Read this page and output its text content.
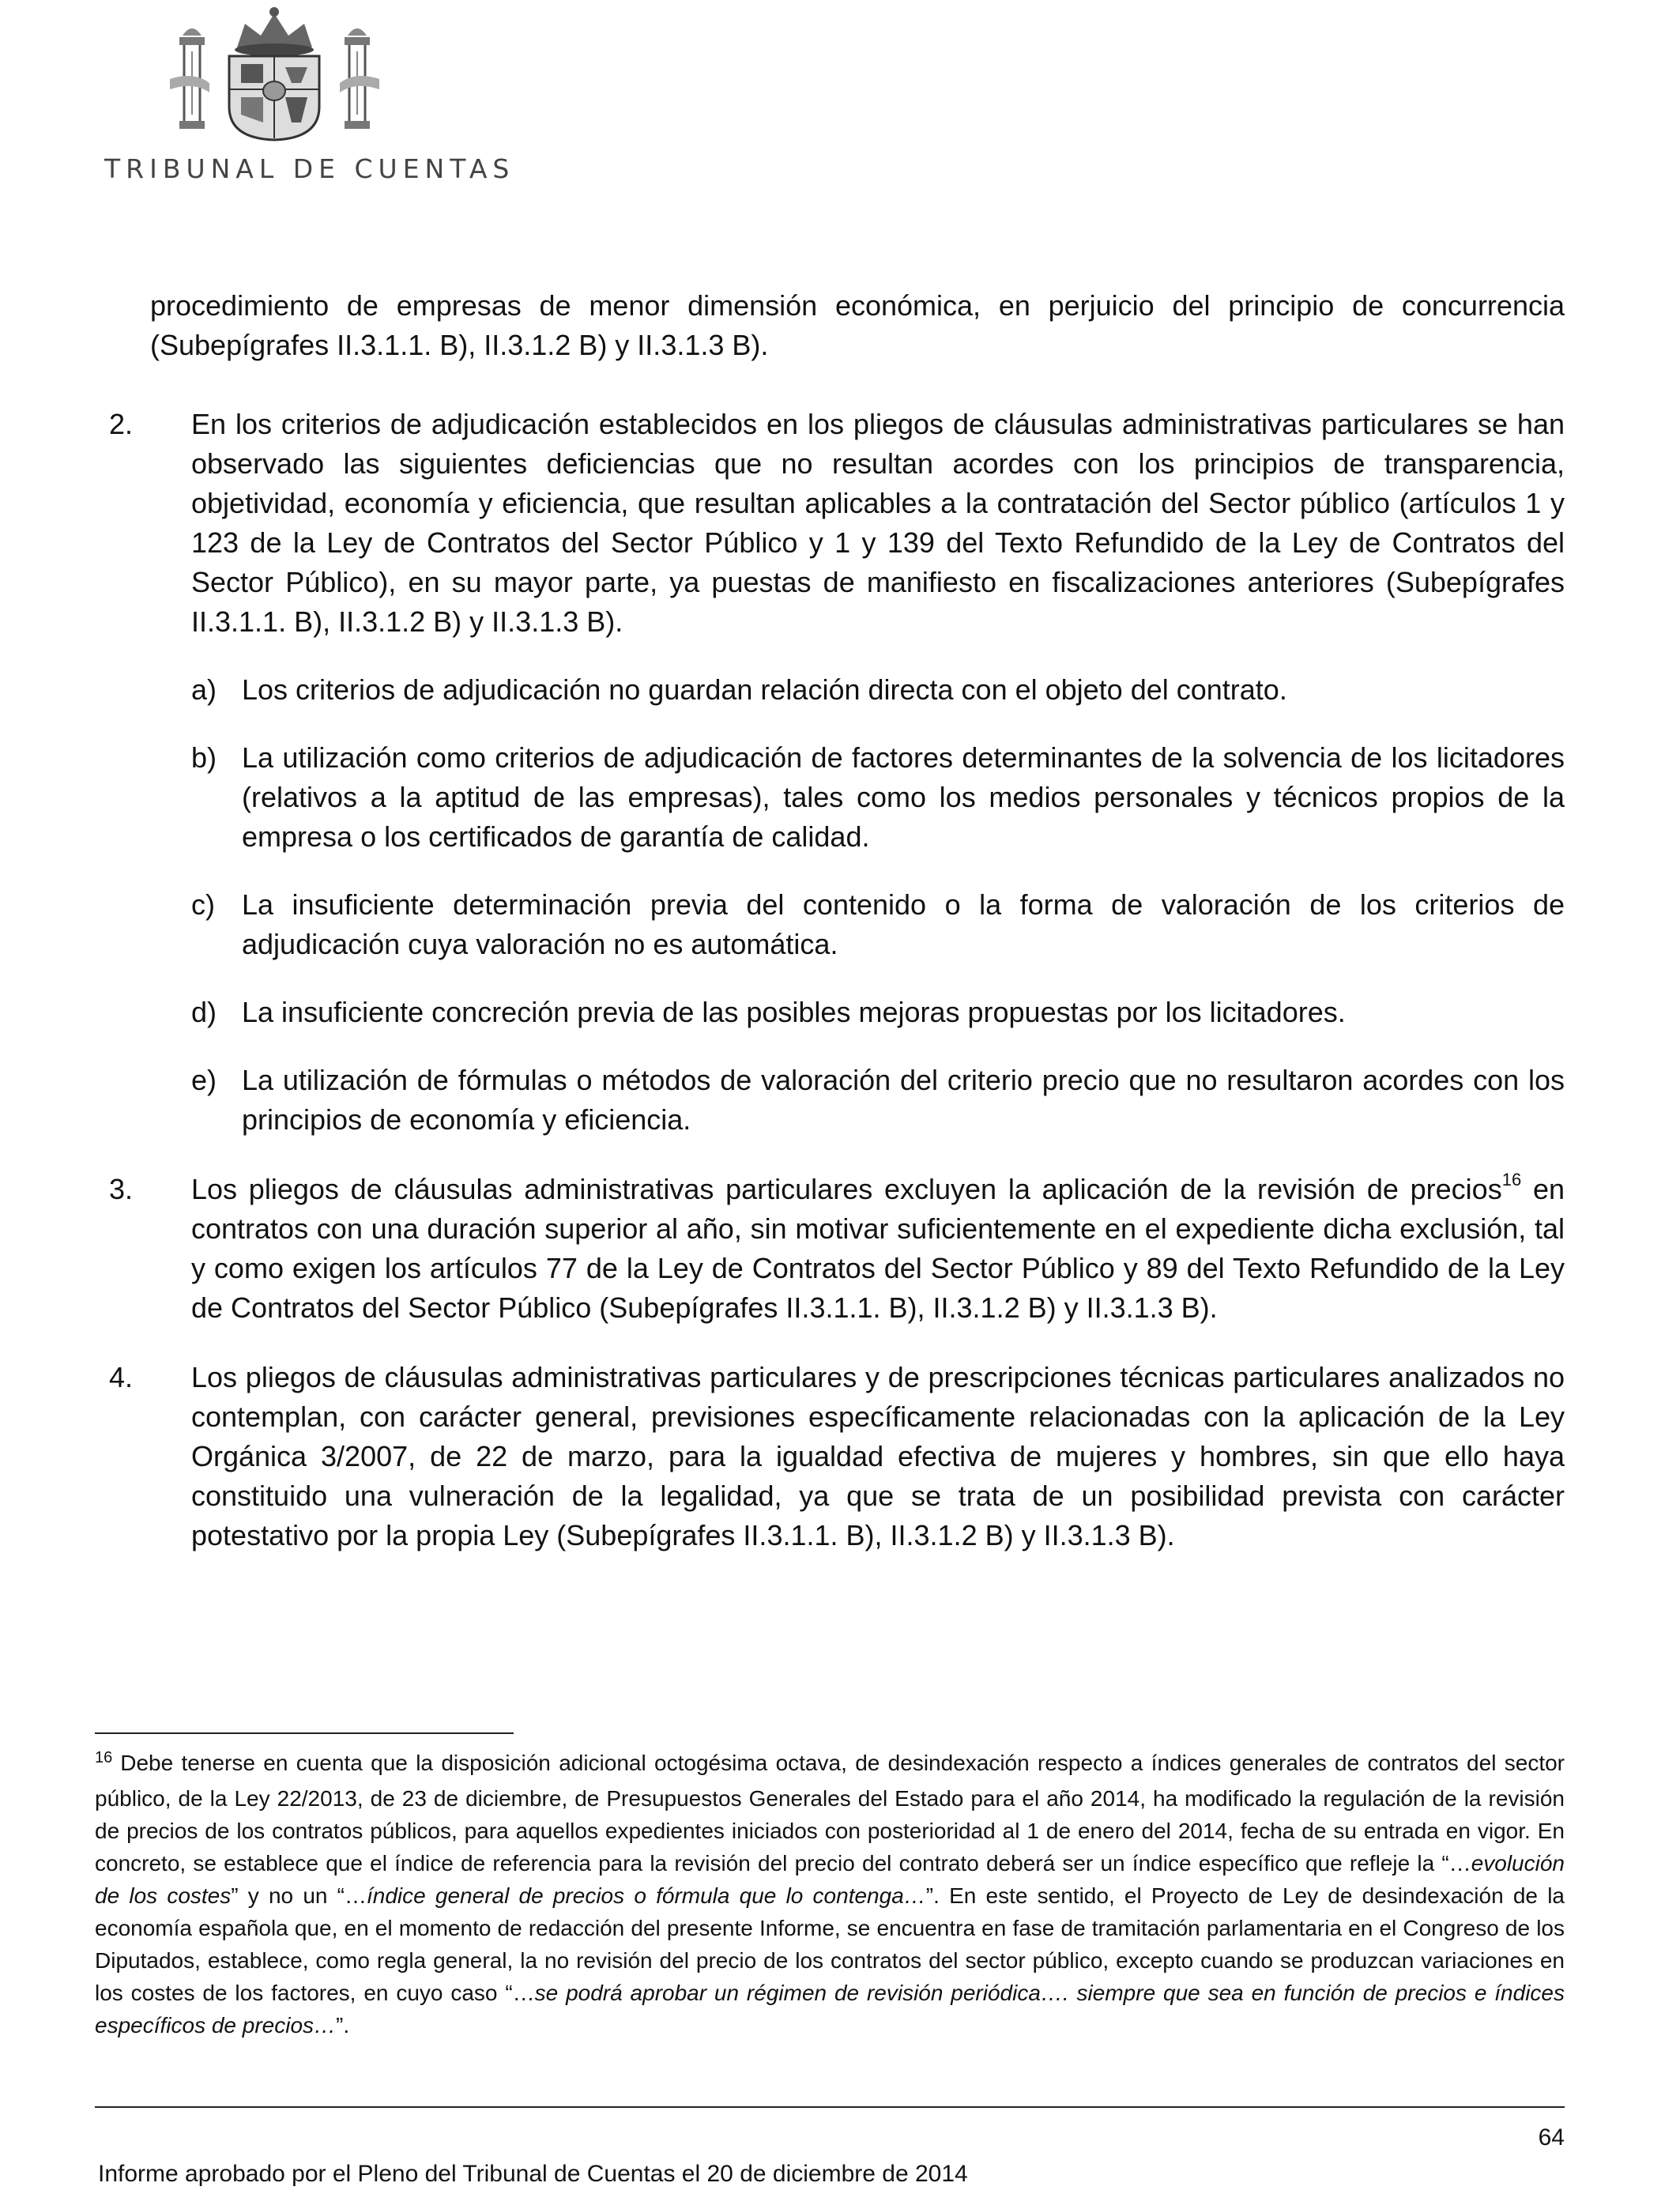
TRIBUNAL DE CUENTAS

procedimiento de empresas de menor dimensión económica, en perjuicio del principio de concurrencia (Subepígrafes II.3.1.1. B), II.3.1.2 B) y II.3.1.3 B).

2.	En los criterios de adjudicación establecidos en los pliegos de cláusulas administrativas particulares se han observado las siguientes deficiencias que no resultan acordes con los principios de transparencia, objetividad, economía y eficiencia, que resultan aplicables a la contratación del Sector público (artículos 1 y 123 de la Ley de Contratos del Sector Público y 1 y 139 del Texto Refundido de la Ley de Contratos del Sector Público), en su mayor parte, ya puestas de manifiesto en fiscalizaciones anteriores (Subepígrafes II.3.1.1. B), II.3.1.2 B) y II.3.1.3 B).
a) Los criterios de adjudicación no guardan relación directa con el objeto del contrato.
b) La utilización como criterios de adjudicación de factores determinantes de la solvencia de los licitadores (relativos a la aptitud de las empresas), tales como los medios personales y técnicos propios de la empresa o los certificados de garantía de calidad.
c) La insuficiente determinación previa del contenido o la forma de valoración de los criterios de adjudicación cuya valoración no es automática.
d) La insuficiente concreción previa de las posibles mejoras propuestas por los licitadores.
e) La utilización de fórmulas o métodos de valoración del criterio precio que no resultaron acordes con los principios de economía y eficiencia.
3.	Los pliegos de cláusulas administrativas particulares excluyen la aplicación de la revisión de precios$^{16}$ en contratos con una duración superior al año, sin motivar suficientemente en el expediente dicha exclusión, tal y como exigen los artículos 77 de la Ley de Contratos del Sector Público y 89 del Texto Refundido de la Ley de Contratos del Sector Público (Subepígrafes II.3.1.1. B), II.3.1.2 B) y II.3.1.3 B).
4.	Los pliegos de cláusulas administrativas particulares y de prescripciones técnicas particulares analizados no contemplan, con carácter general, previsiones específicamente relacionadas con la aplicación de la Ley Orgánica 3/2007, de 22 de marzo, para la igualdad efectiva de mujeres y hombres, sin que ello haya constituido una vulneración de la legalidad, ya que se trata de un posibilidad prevista con carácter potestativo por la propia Ley (Subepígrafes II.3.1.1. B), II.3.1.2 B) y II.3.1.3 B).
$^{16}$ Debe tenerse en cuenta que la disposición adicional octogésima octava, de desindexación respecto a índices generales de contratos del sector público, de la Ley 22/2013, de 23 de diciembre, de Presupuestos Generales del Estado para el año 2014, ha modificado la regulación de la revisión de precios de los contratos públicos, para aquellos expedientes iniciados con posterioridad al 1 de enero del 2014, fecha de su entrada en vigor. En concreto, se establece que el índice de referencia para la revisión del precio del contrato deberá ser un índice específico que refleje la “…evolución de los costes” y no un “…índice general de precios o fórmula que lo contenga…”. En este sentido, el Proyecto de Ley de desindexación de la economía española que, en el momento de redacción del presente Informe, se encuentra en fase de tramitación parlamentaria en el Congreso de los Diputados, establece, como regla general, la no revisión del precio de los contratos del sector público, excepto cuando se produzcan variaciones en los costes de los factores, en cuyo caso “…se podrá aprobar un régimen de revisión periódica…. siempre que sea en función de precios e índices específicos de precios…”.
64
Informe aprobado por el Pleno del Tribunal de Cuentas el 20 de diciembre de 2014
